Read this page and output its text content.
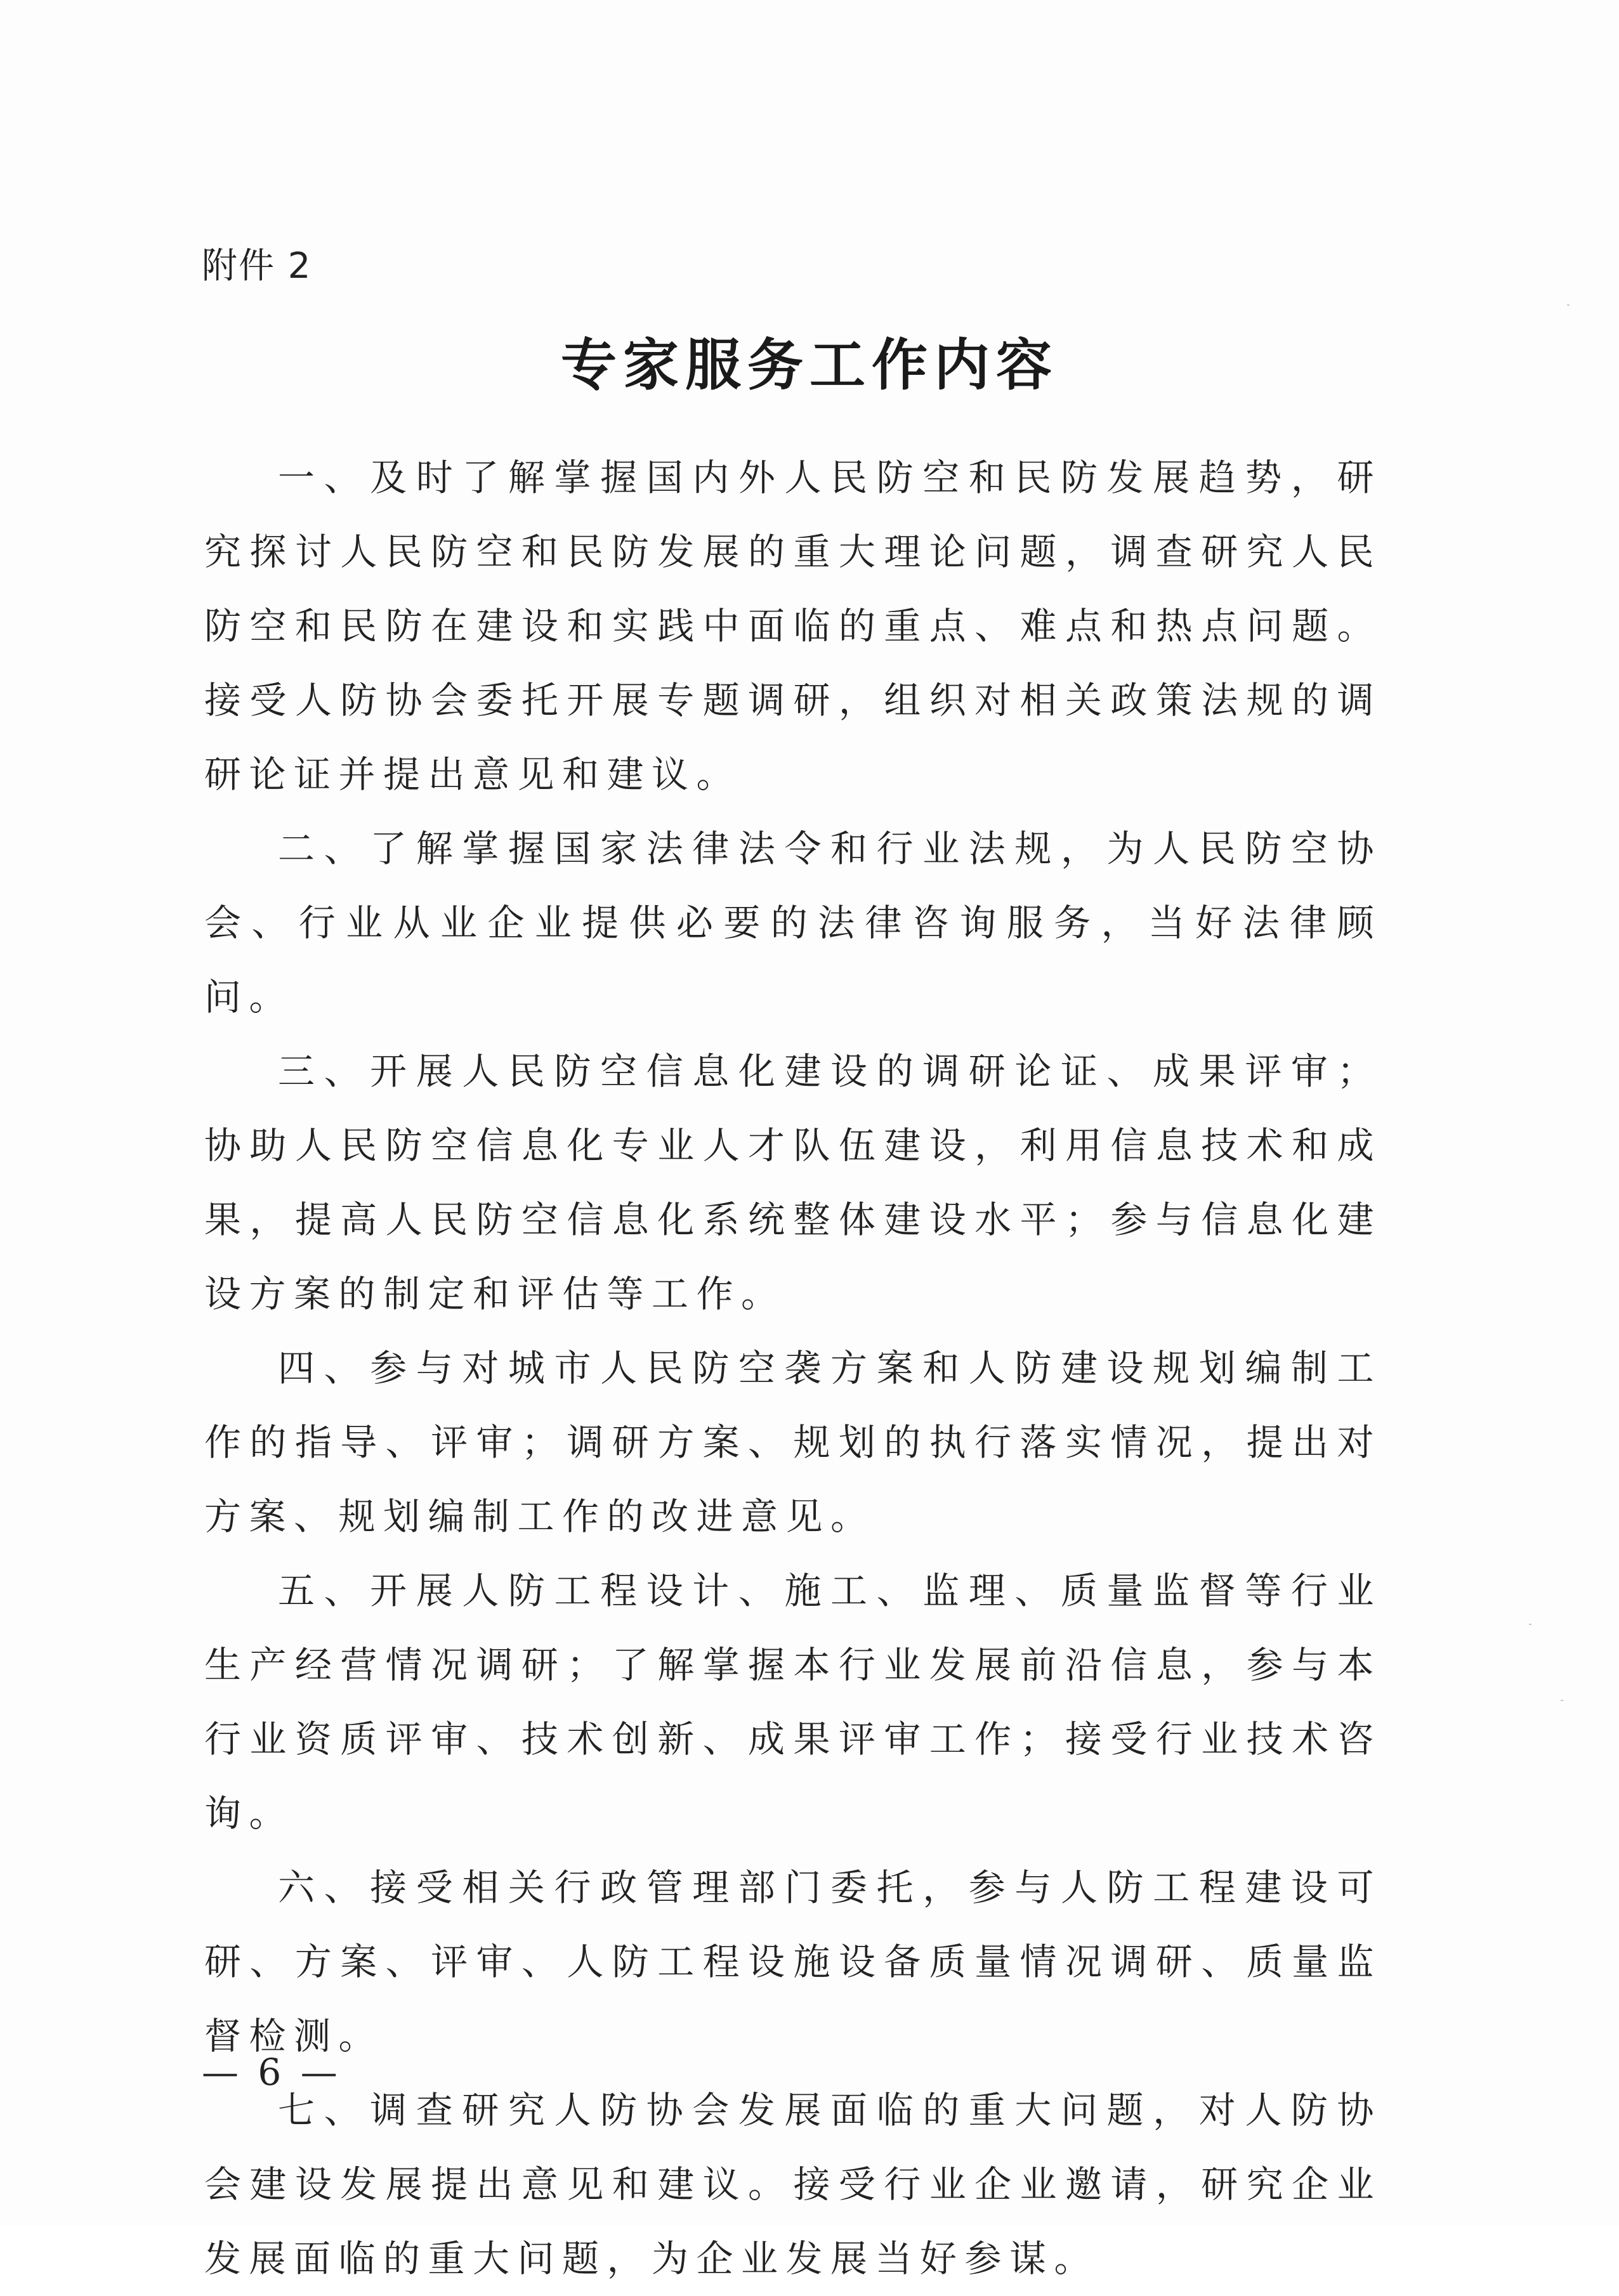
附件 2
专家服务工作内容

一、及时了解掌握国内外人民防空和民防发展趋势，研究探讨人民防空和民防发展的重大理论问题，调查研究人民防空和民防在建设和实践中面临的重点、难点和热点问题。接受人防协会委托开展专题调研，组织对相关政策法规的调研论证并提出意见和建议。

二、了解掌握国家法律法令和行业法规，为人民防空协会、行业从业企业提供必要的法律咨询服务，当好法律顾问。

三、开展人民防空信息化建设的调研论证、成果评审； 协助人民防空信息化专业人才队伍建设，利用信息技术和成果，提高人民防空信息化系统整体建设水平；参与信息化建设方案的制定和评估等工作。

四、参与对城市人民防空袭方案和人防建设规划编制工作的指导、评审；调研方案、规划的执行落实情况，提出对方案、规划编制工作的改进意见。

五、开展人防工程设计、施工、监理、质量监督等行业生产经营情况调研；了解掌握本行业发展前沿信息，参与本行业资质评审、技术创新、成果评审工作；接受行业技术咨询。

六、接受相关行政管理部门委托，参与人防工程建设可研、方案、评审、人防工程设施设备质量情况调研、质量监督检测。

七、调查研究人防协会发展面临的重大问题，对人防协会建设发展提出意见和建议。接受行业企业邀请，研究企业发展面临的重大问题，为企业发展当好参谋。

— 6 —
